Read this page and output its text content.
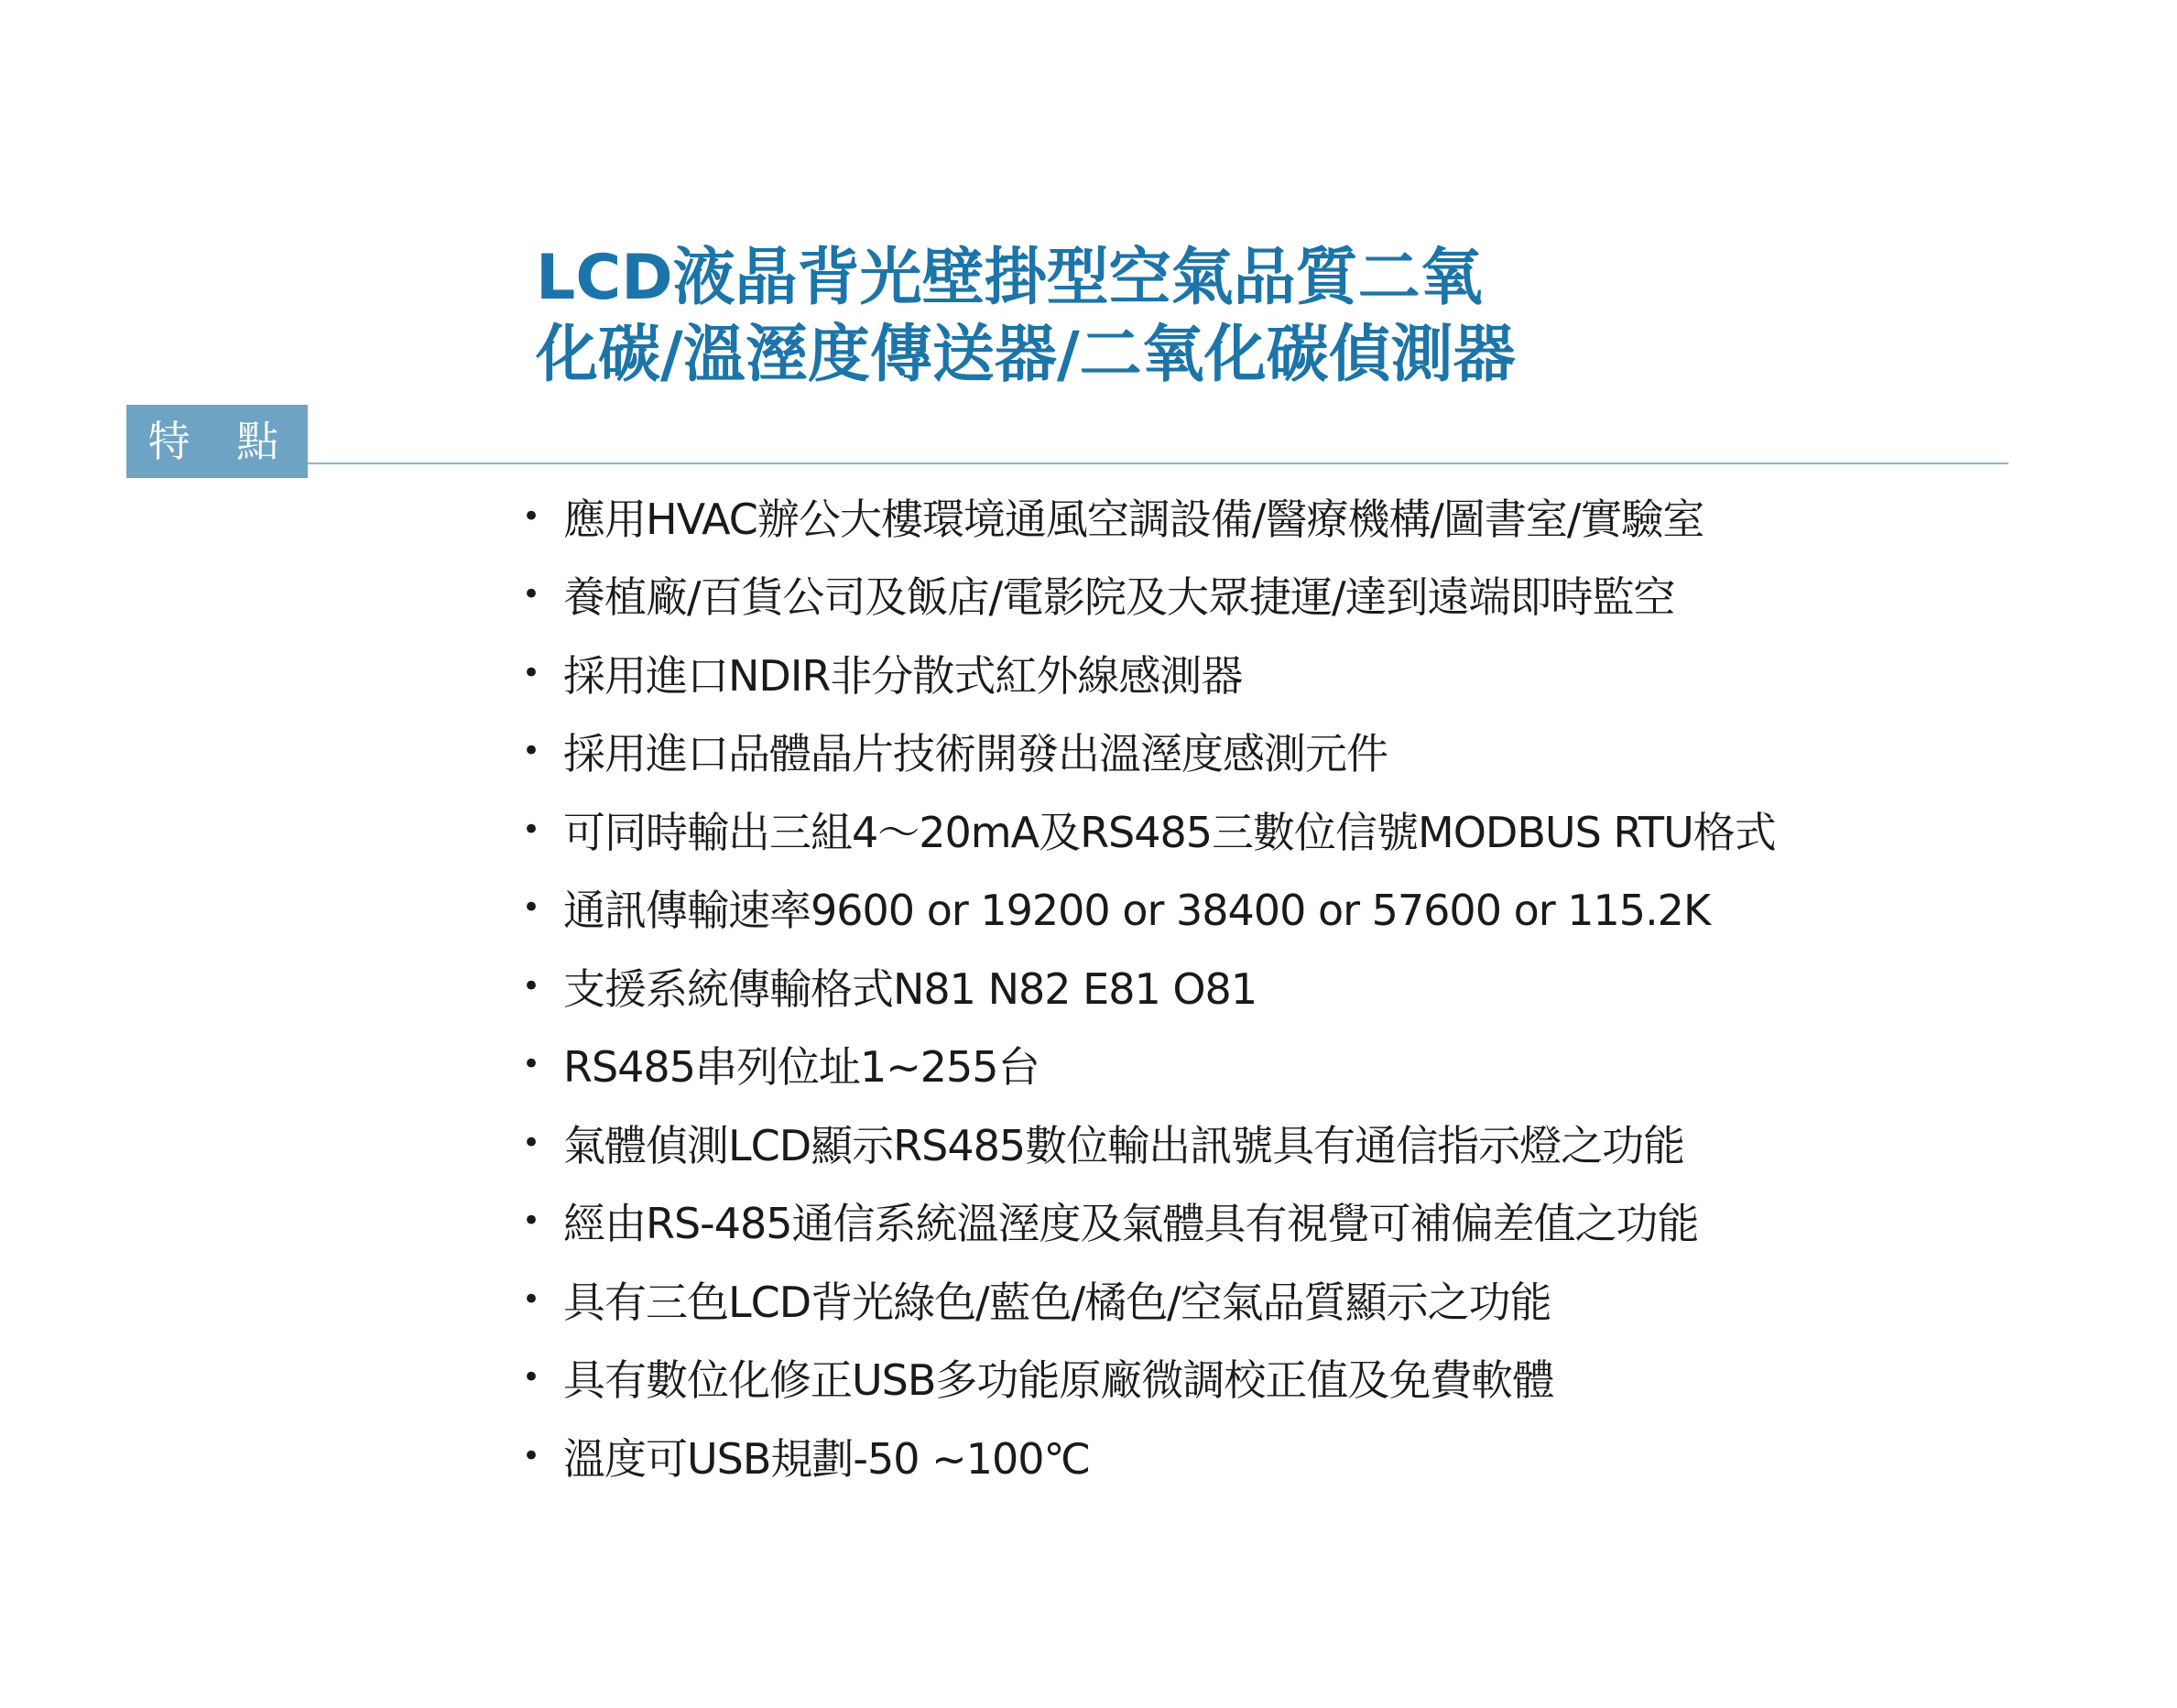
LCD液晶背光壁掛型空氣品質二氧
化碳/溫溼度傳送器/二氧化碳偵測器
特 點
• 應用HVAC辦公大樓環境通風空調設備/醫療機構/圖書室/實驗室
• 養植廠/百貨公司及飯店/電影院及大眾捷運/達到遠端即時監空
• 採用進口NDIR非分散式紅外線感測器
• 採用進口品體晶片技術開發出溫溼度感測元件
• 可同時輸出三組4～20mA及RS485三數位信號MODBUS RTU格式
• 通訊傳輸速率9600 or 19200 or 38400 or 57600 or 115.2K
• 支援系統傳輸格式N81 N82 E81 O81
• RS485串列位址1~255台
• 氣體偵測LCD顯示RS485數位輸出訊號具有通信指示燈之功能
• 經由RS-485通信系統溫溼度及氣體具有視覺可補偏差值之功能
• 具有三色LCD背光綠色/藍色/橘色/空氣品質顯示之功能
• 具有數位化修正USB多功能原廠微調校正值及免費軟體
• 溫度可USB規劃-50 ~100℃
